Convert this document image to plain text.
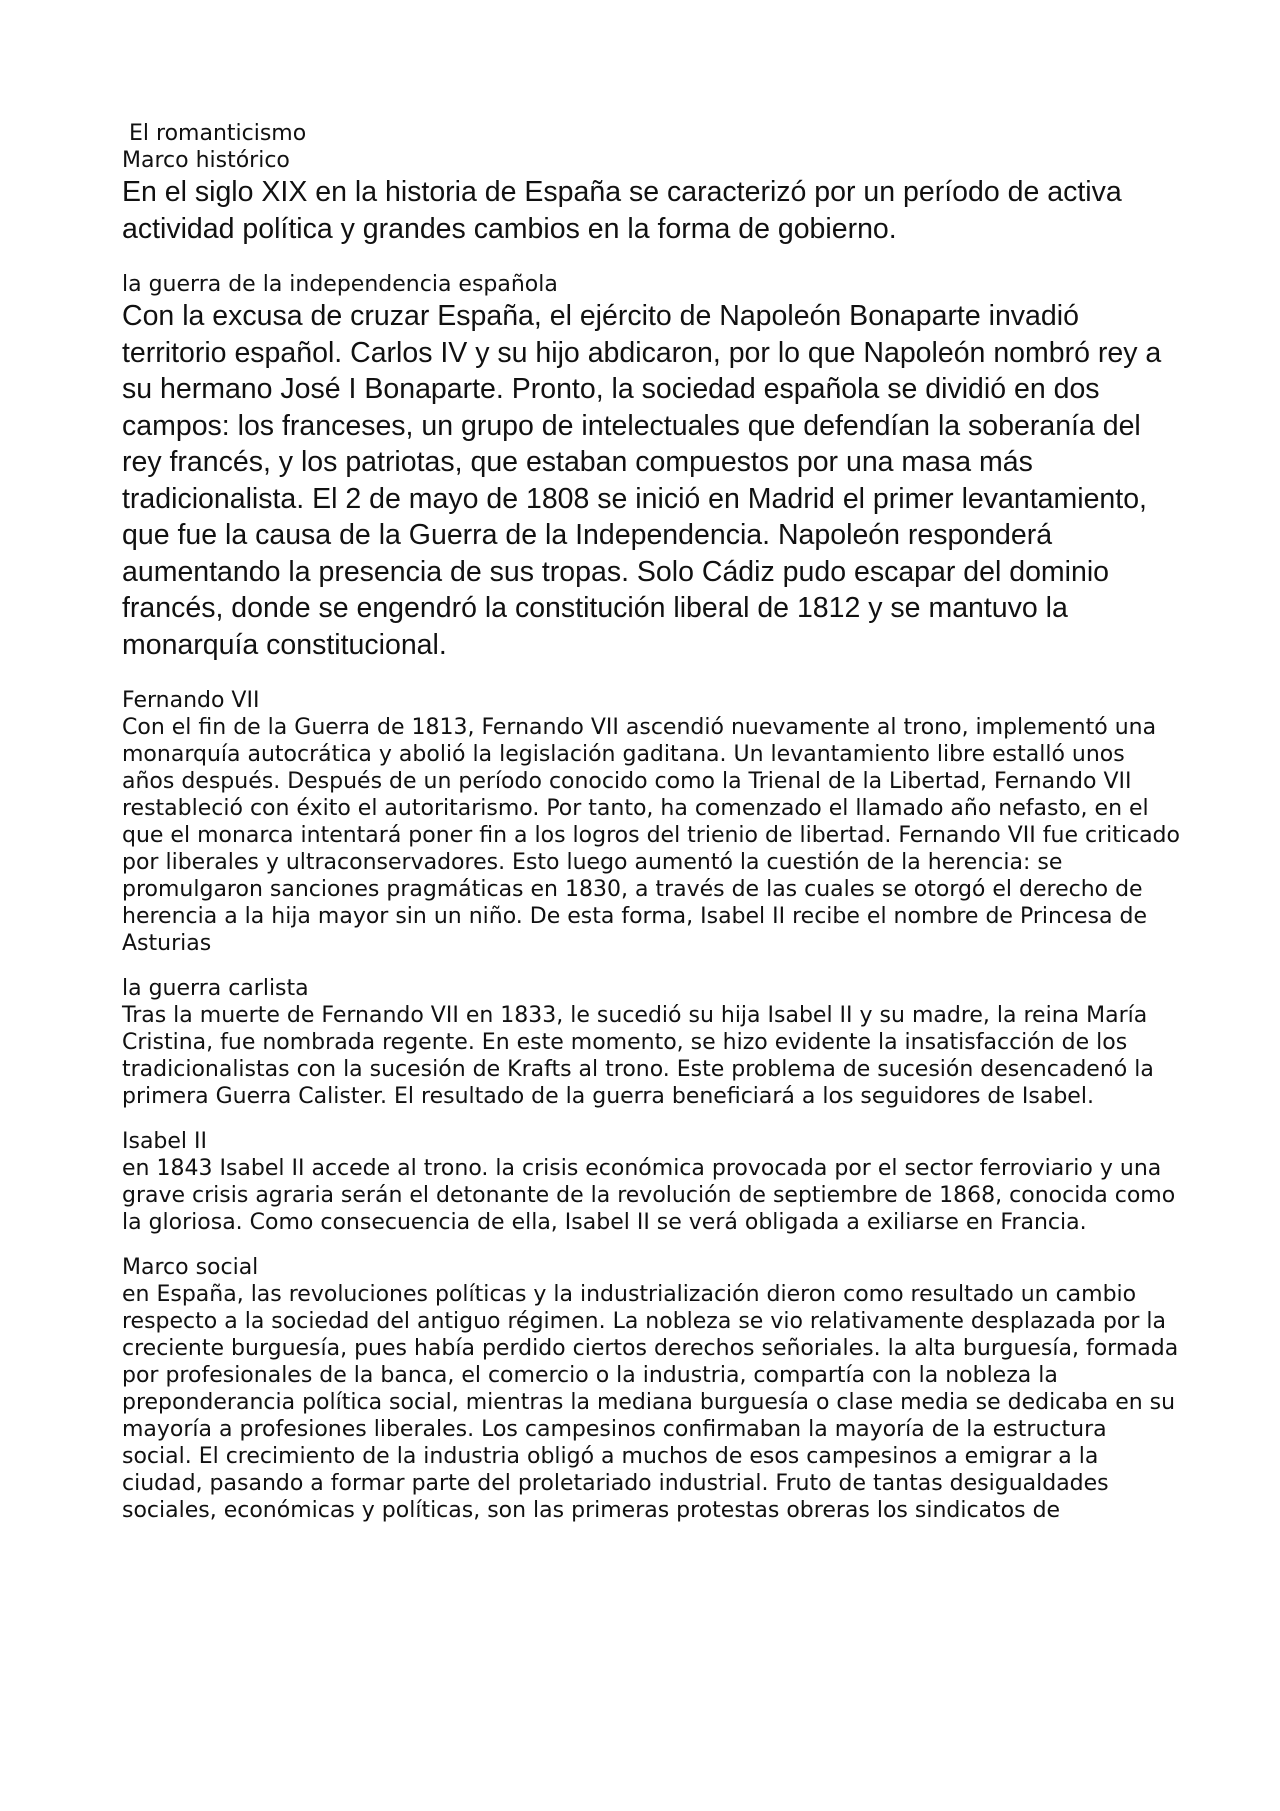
El romanticismo

Marco histórico

En el siglo XIX en la historia de España se caracterizó por un período de activa actividad política y grandes cambios en la forma de gobierno.

la guerra de la independencia española

Con la excusa de cruzar España, el ejército de Napoleón Bonaparte invadió territorio español. Carlos IV y su hijo abdicaron, por lo que Napoleón nombró rey a su hermano José I Bonaparte. Pronto, la sociedad española se dividió en dos campos: los franceses, un grupo de intelectuales que defendían la soberanía del rey francés, y los patriotas, que estaban compuestos por una masa más tradicionalista. El 2 de mayo de 1808 se inició en Madrid el primer levantamiento, que fue la causa de la Guerra de la Independencia. Napoleón responderá aumentando la presencia de sus tropas. Solo Cádiz pudo escapar del dominio francés, donde se engendró la constitución liberal de 1812 y se mantuvo la monarquía constitucional.

Fernando VII

Con el fin de la Guerra de 1813, Fernando VII ascendió nuevamente al trono, implementó una monarquía autocrática y abolió la legislación gaditana. Un levantamiento libre estalló unos años después. Después de un período conocido como la Trienal de la Libertad, Fernando VII restableció con éxito el autoritarismo. Por tanto, ha comenzado el llamado año nefasto, en el que el monarca intentará poner fin a los logros del trienio de libertad. Fernando VII fue criticado por liberales y ultraconservadores. Esto luego aumentó la cuestión de la herencia: se promulgaron sanciones pragmáticas en 1830, a través de las cuales se otorgó el derecho de herencia a la hija mayor sin un niño. De esta forma, Isabel II recibe el nombre de Princesa de Asturias

la guerra carlista

Tras la muerte de Fernando VII en 1833, le sucedió su hija Isabel II y su madre, la reina María Cristina, fue nombrada regente. En este momento, se hizo evidente la insatisfacción de los tradicionalistas con la sucesión de Krafts al trono. Este problema de sucesión desencadenó la primera Guerra Calister. El resultado de la guerra beneficiará a los seguidores de Isabel.

Isabel II

en 1843 Isabel II accede al trono. la crisis económica provocada por el sector ferroviario y una grave crisis agraria serán el detonante de la revolución de septiembre de 1868, conocida como la gloriosa. Como consecuencia de ella, Isabel II se verá obligada a exiliarse en Francia.

Marco social

en España, las revoluciones políticas y la industrialización dieron como resultado un cambio respecto a la sociedad del antiguo régimen. La nobleza se vio relativamente desplazada por la creciente burguesía, pues había perdido ciertos derechos señoriales. la alta burguesía, formada por profesionales de la banca, el comercio o la industria, compartía con la nobleza la preponderancia política social, mientras la mediana burguesía o clase media se dedicaba en su mayoría a profesiones liberales. Los campesinos confirmaban la mayoría de la estructura social. El crecimiento de la industria obligó a muchos de esos campesinos a emigrar a la ciudad, pasando a formar parte del proletariado industrial. Fruto de tantas desigualdades sociales, económicas y políticas, son las primeras protestas obreras los sindicatos de
